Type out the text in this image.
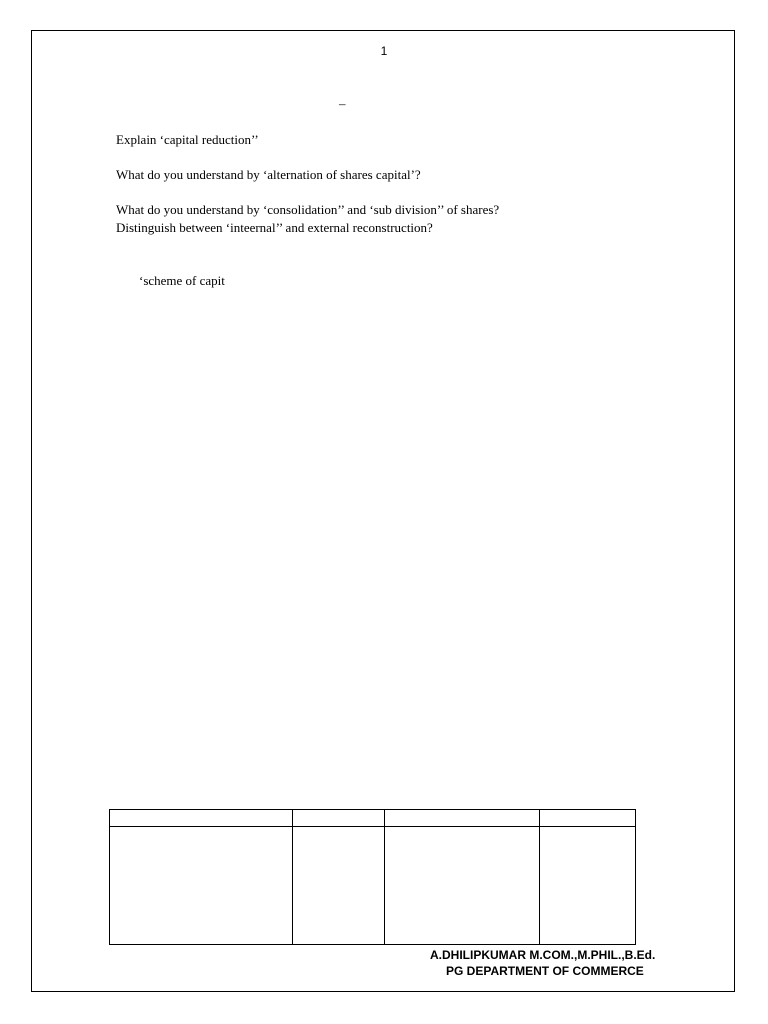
1
–
Explain ‘capital reduction’’
What do you understand by ‘alternation of shares capital’?
What do you understand by ‘consolidation’’ and ‘sub division’’ of shares?
Distinguish between ‘inteernal’’ and external reconstruction?
‘scheme of capit

A.DHILIPKUMAR M.COM.,M.PHIL.,B.Ed.
PG DEPARTMENT OF COMMERCE
